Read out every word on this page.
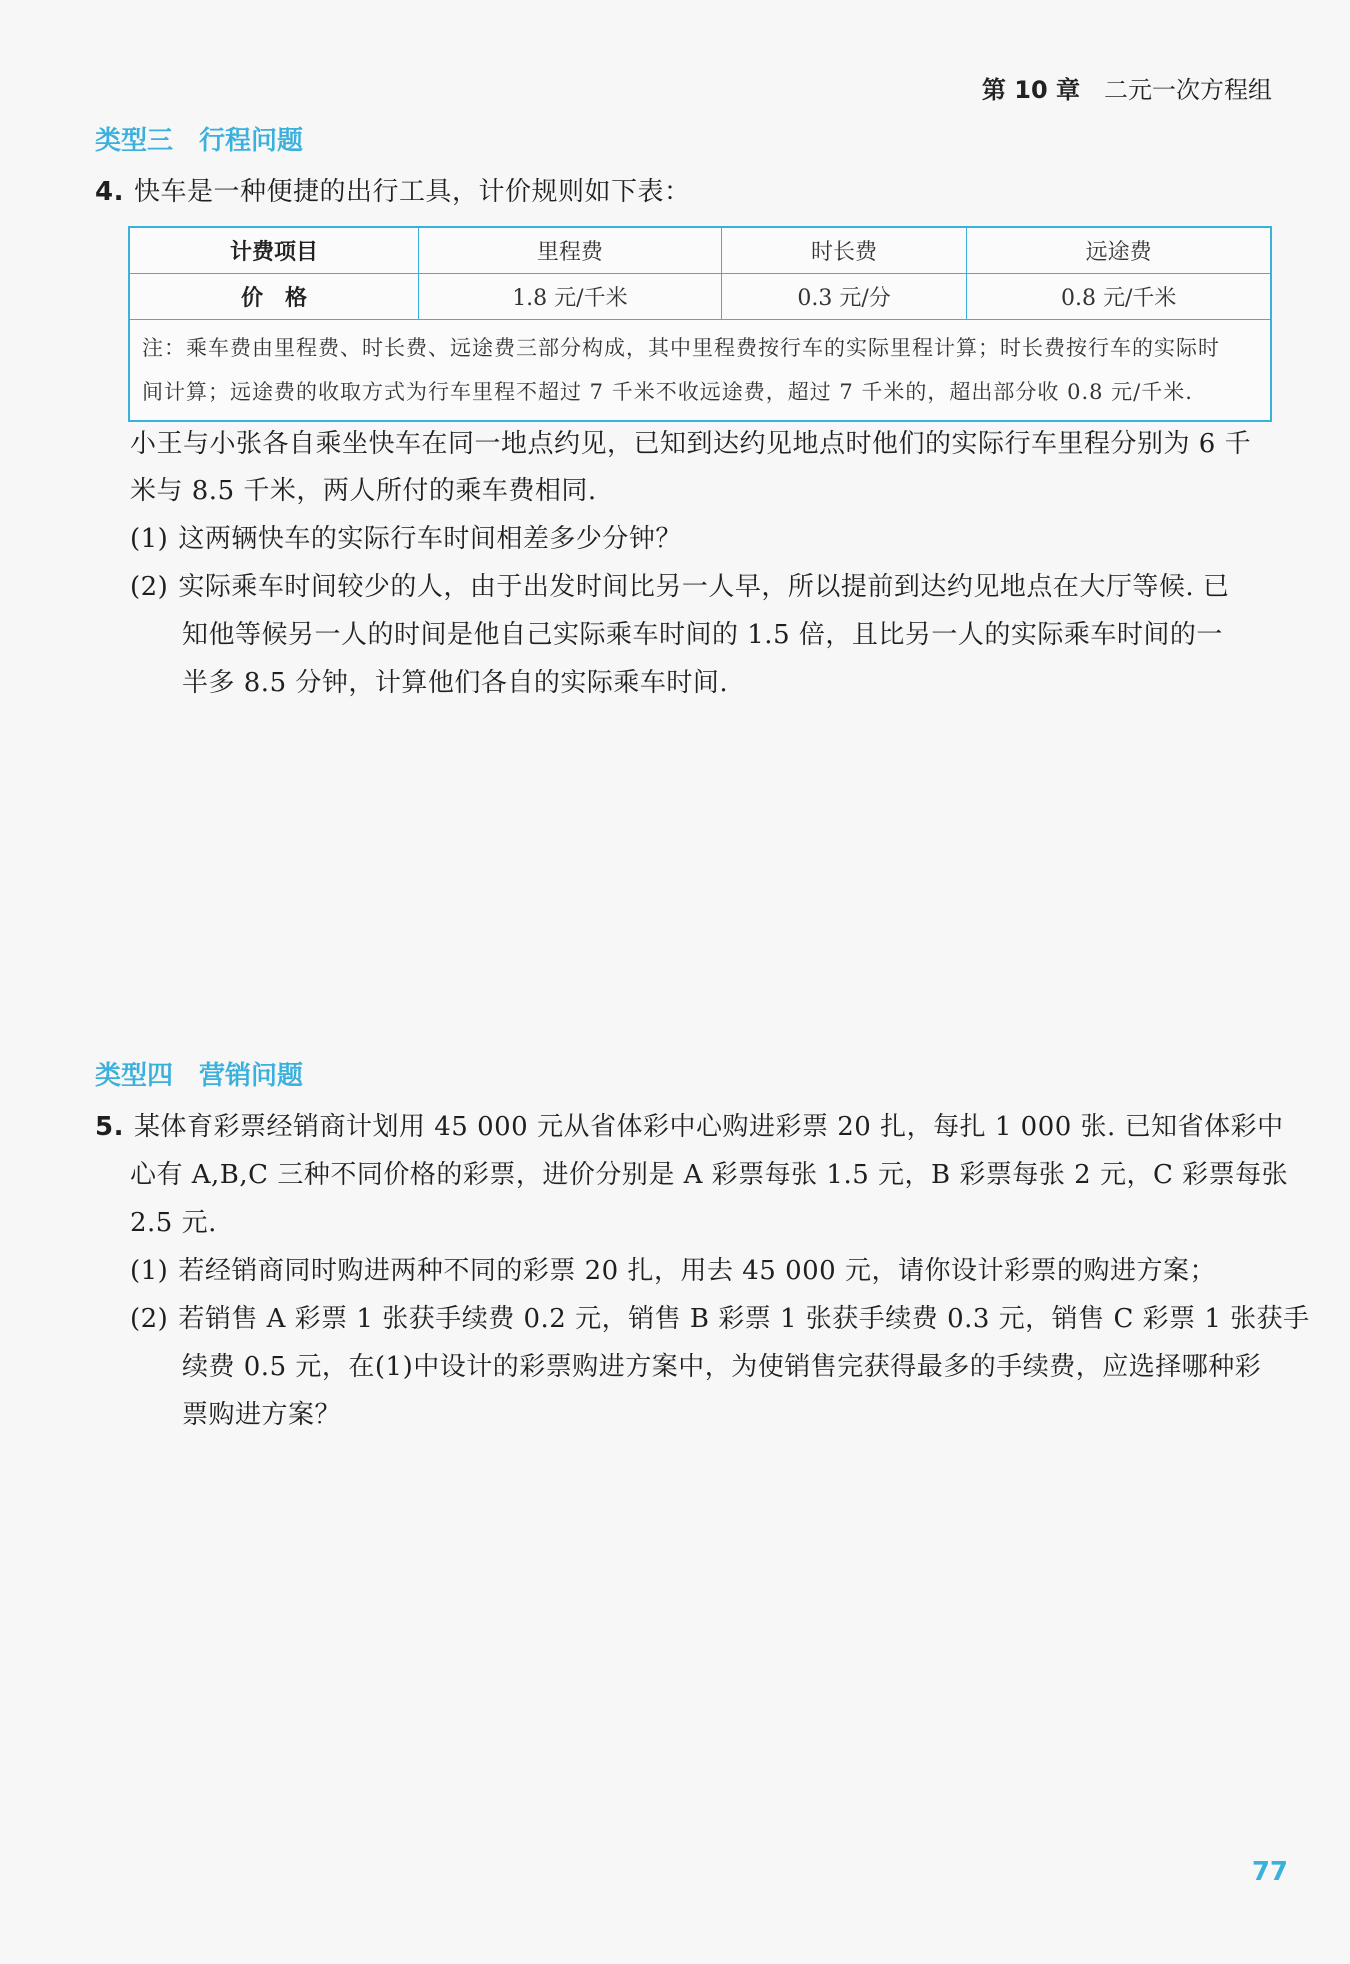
第 10 章 二元一次方程组
类型三 行程问题
4. 快车是一种便捷的出行工具，计价规则如下表：
计费项目	里程费	时长费	远途费
价　格	1.8 元/千米	0.3 元/分	0.8 元/千米

注：乘车费由里程费、时长费、远途费三部分构成，其中里程费按行车的实际里程计算；时长费按行车的实际时
间计算；远途费的收取方式为行车里程不超过 7 千米不收远途费，超过 7 千米的，超出部分收 0.8 元/千米.			
小王与小张各自乘坐快车在同一地点约见，已知到达约见地点时他们的实际行车里程分别为 6 千
米与 8.5 千米，两人所付的乘车费相同.
(1) 这两辆快车的实际行车时间相差多少分钟？
(2) 实际乘车时间较少的人，由于出发时间比另一人早，所以提前到达约见地点在大厅等候. 已
知他等候另一人的时间是他自己实际乘车时间的 1.5 倍，且比另一人的实际乘车时间的一
半多 8.5 分钟，计算他们各自的实际乘车时间.
类型四 营销问题
5. 某体育彩票经销商计划用 45 000 元从省体彩中心购进彩票 20 扎，每扎 1 000 张. 已知省体彩中
心有 A,B,C 三种不同价格的彩票，进价分别是 A 彩票每张 1.5 元，B 彩票每张 2 元，C 彩票每张
2.5 元.
(1) 若经销商同时购进两种不同的彩票 20 扎，用去 45 000 元，请你设计彩票的购进方案；
(2) 若销售 A 彩票 1 张获手续费 0.2 元，销售 B 彩票 1 张获手续费 0.3 元，销售 C 彩票 1 张获手
续费 0.5 元，在(1)中设计的彩票购进方案中，为使销售完获得最多的手续费，应选择哪种彩
票购进方案？
77
